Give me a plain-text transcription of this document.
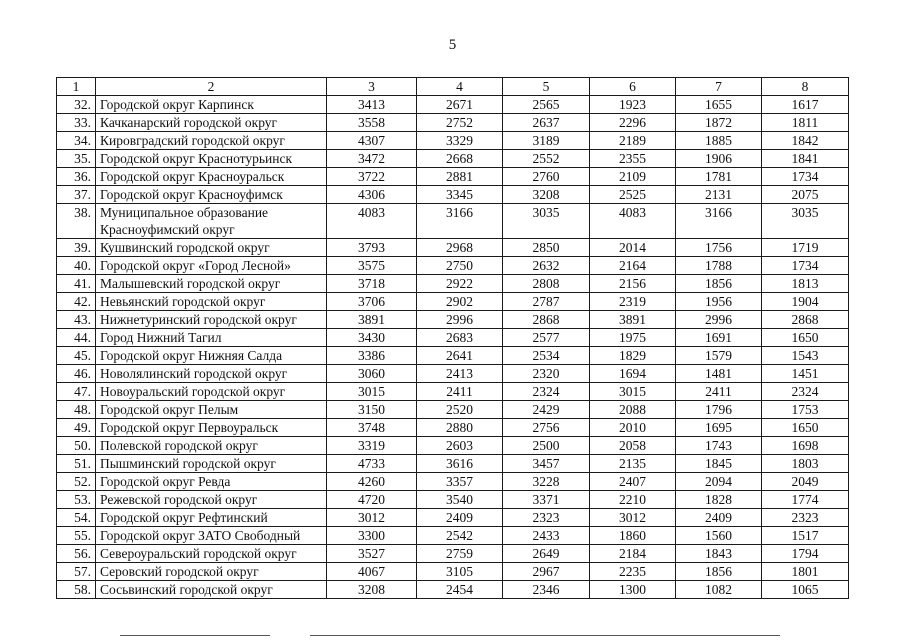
5
1	2	3	4	5	6	7	8
32.	Городской округ Карпинск	3413	2671	2565	1923	1655	1617
33.	Качканарский городской округ	3558	2752	2637	2296	1872	1811
34.	Кировградский городской округ	4307	3329	3189	2189	1885	1842
35.	Городской округ Краснотурьинск	3472	2668	2552	2355	1906	1841
36.	Городской округ Красноуральск	3722	2881	2760	2109	1781	1734
37.	Городской округ Красноуфимск	4306	3345	3208	2525	2131	2075
38.	Муниципальное образование Красноуфимский округ	4083	3166	3035	4083	3166	3035
39.	Кушвинский городской округ	3793	2968	2850	2014	1756	1719
40.	Городской округ «Город Лесной»	3575	2750	2632	2164	1788	1734
41.	Малышевский городской округ	3718	2922	2808	2156	1856	1813
42.	Невьянский городской округ	3706	2902	2787	2319	1956	1904
43.	Нижнетуринский городской округ	3891	2996	2868	3891	2996	2868
44.	Город Нижний Тагил	3430	2683	2577	1975	1691	1650
45.	Городской округ Нижняя Салда	3386	2641	2534	1829	1579	1543
46.	Новолялинский городской округ	3060	2413	2320	1694	1481	1451
47.	Новоуральский городской округ	3015	2411	2324	3015	2411	2324
48.	Городской округ Пелым	3150	2520	2429	2088	1796	1753
49.	Городской округ Первоуральск	3748	2880	2756	2010	1695	1650
50.	Полевской городской округ	3319	2603	2500	2058	1743	1698
51.	Пышминский городской округ	4733	3616	3457	2135	1845	1803
52.	Городской округ Ревда	4260	3357	3228	2407	2094	2049
53.	Режевской городской округ	4720	3540	3371	2210	1828	1774
54.	Городской округ Рефтинский	3012	2409	2323	3012	2409	2323
55.	Городской округ ЗАТО Свободный	3300	2542	2433	1860	1560	1517
56.	Североуральский городской округ	3527	2759	2649	2184	1843	1794
57.	Серовский городской округ	4067	3105	2967	2235	1856	1801
58.	Сосьвинский городской округ	3208	2454	2346	1300	1082	1065
